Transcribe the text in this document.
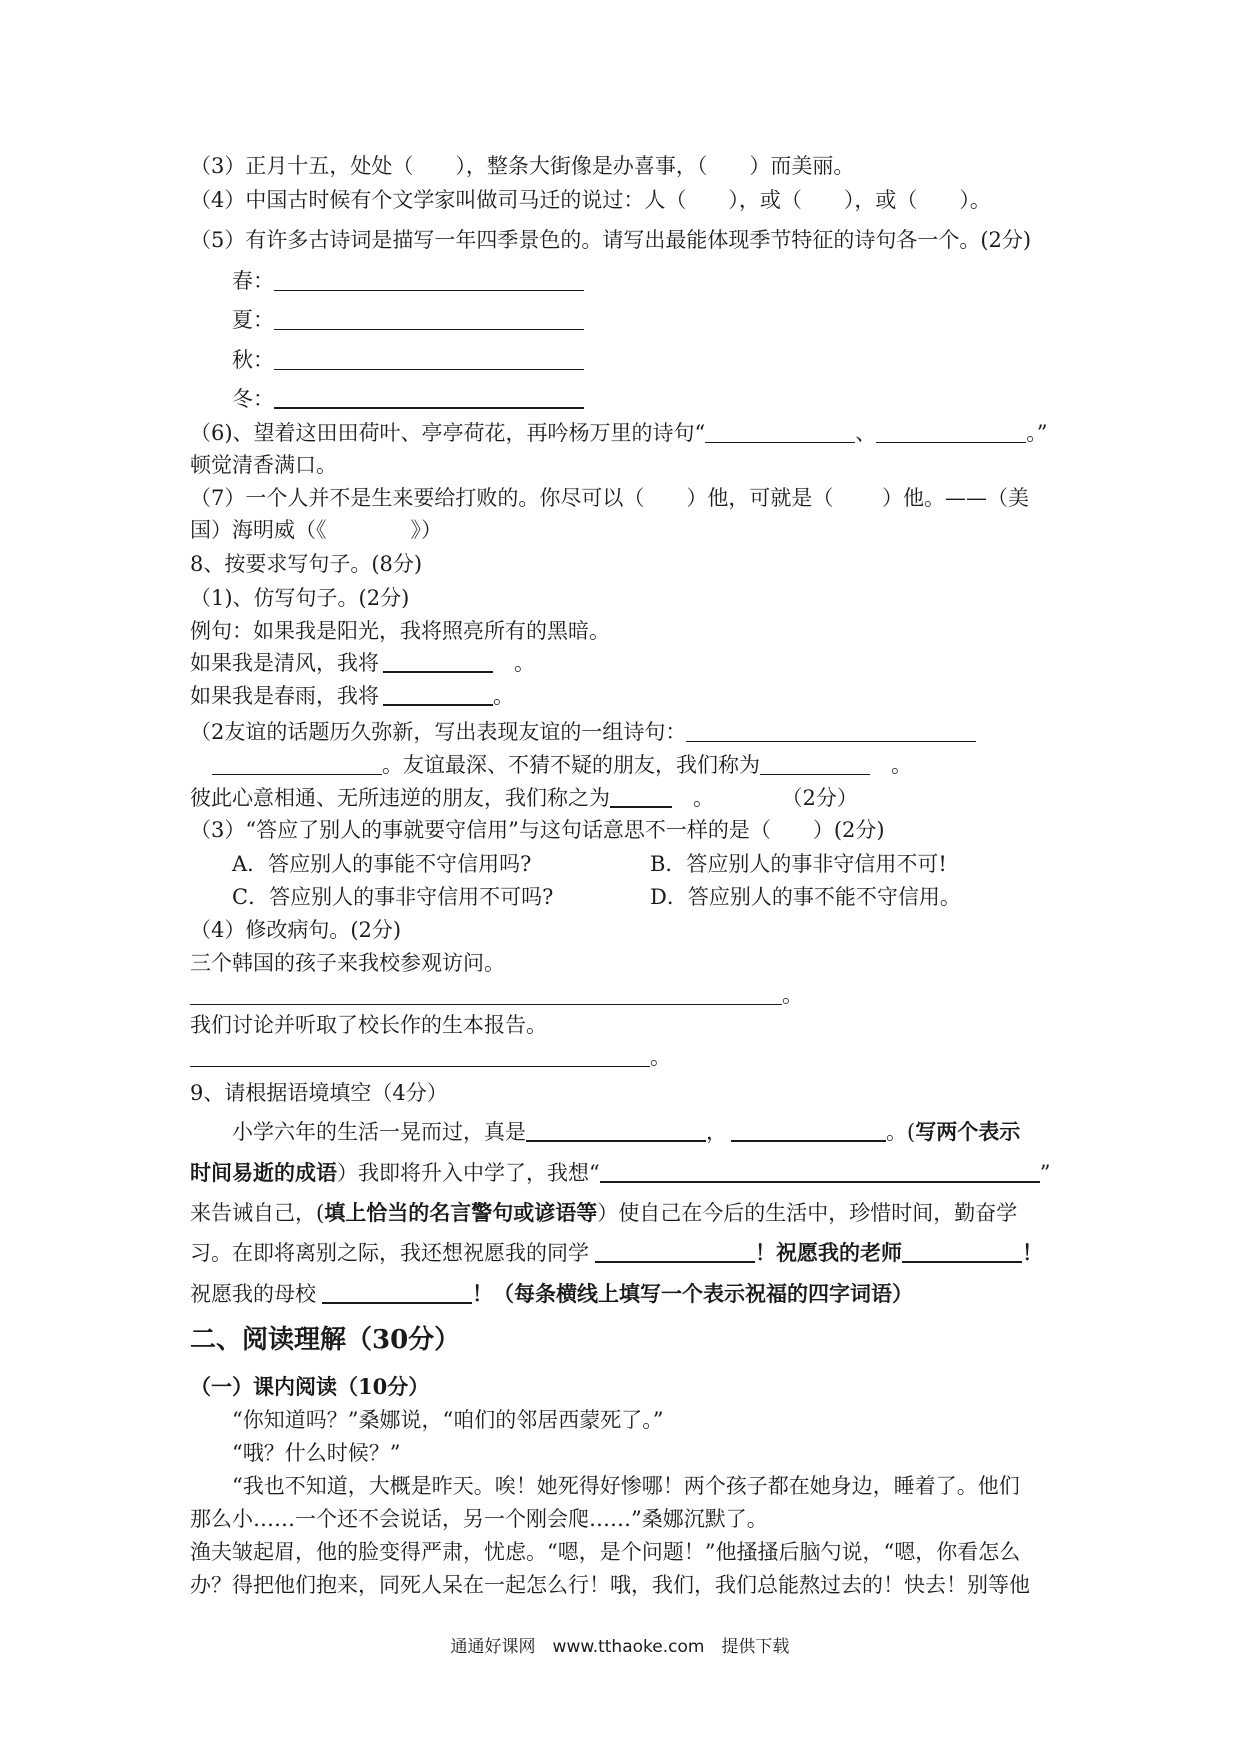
（3）正月十五，处处（　　），整条大街像是办喜事，（　　）而美丽。
（4）中国古时候有个文学家叫做司马迁的说过：人（　　），或（　　），或（　　）。
（5）有许多古诗词是描写一年四季景色的。请写出最能体现季节特征的诗句各一个。(2分)
春：
夏：
秋：
冬：
（6)、望着这田田荷叶、亭亭荷花，再吟杨万里的诗句“	、	。”
顿觉清香满口。
（7）一个人并不是生来要给打败的。你尽可以（　　）他，可就是（　　 ）他。——（美
国）海明威（《　　　　》）
8、按要求写句子。(8分)
（1)、仿写句子。(2分)
例句：如果我是阳光，我将照亮所有的黑暗。
如果我是清风，我将　	。
如果我是春雨，我将	。
（2友谊的话题历久弥新，写出表现友谊的一组诗句：
。友谊最深、不猜不疑的朋友，我们称为　	。
彼此心意相通、无所违逆的朋友，我们称之为　	。	（2分）
（3）“答应了别人的事就要守信用”与这句话意思不一样的是（　　）(2分)
A．答应别人的事能不守信用吗?	B．答应别人的事非守信用不可!
C．答应别人的事非守信用不可吗?	D．答应别人的事不能不守信用。
（4）修改病句。(2分)
三个韩国的孩子来我校参观访问。
。
我们讨论并听取了校长作的生本报告。
。
9、请根据语境填空（4分）
小学六年的生活一晃而过，真是	，	。(写两个表示
时间易逝的成语）我即将升入中学了，我想“	”
来告诫自己，(填上恰当的名言警句或谚语等）使自己在今后的生活中，珍惜时间，勤奋学
习。在即将离别之际，我还想祝愿我的同学	！祝愿我的老师	！
祝愿我的母校	！（每条横线上填写一个表示祝福的四字词语）
二、阅读理解（30分）
（一）课内阅读（10分）
“你知道吗？”桑娜说，“咱们的邻居西蒙死了。”
“哦？什么时候？”
“我也不知道，大概是昨天。唉！她死得好惨哪！两个孩子都在她身边，睡着了。他们
那么小……一个还不会说话，另一个刚会爬……”桑娜沉默了。
渔夫皱起眉，他的脸变得严肃，忧虑。“嗯，是个问题！”他搔搔后脑勺说，“嗯，你看怎么
办？得把他们抱来，同死人呆在一起怎么行！哦，我们，我们总能熬过去的！快去！别等他
通通好课网　www.tthaoke.com　提供下载
